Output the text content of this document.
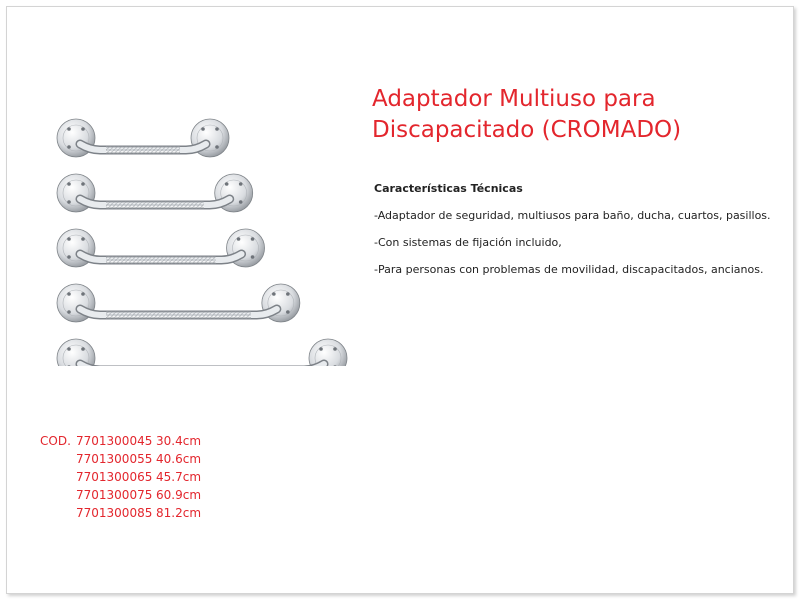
Adaptador Multiuso para Discapacitado (CROMADO)
Características Técnicas
-Adaptador de seguridad, multiusos para baño, ducha, cuartos, pasillos.
-Con sistemas de fijación incluido,
-Para personas con problemas de movilidad, discapacitados, ancianos.
COD. 7701300045 30.4cm
7701300055 40.6cm
7701300065 45.7cm
7701300075 60.9cm
7701300085 81.2cm
